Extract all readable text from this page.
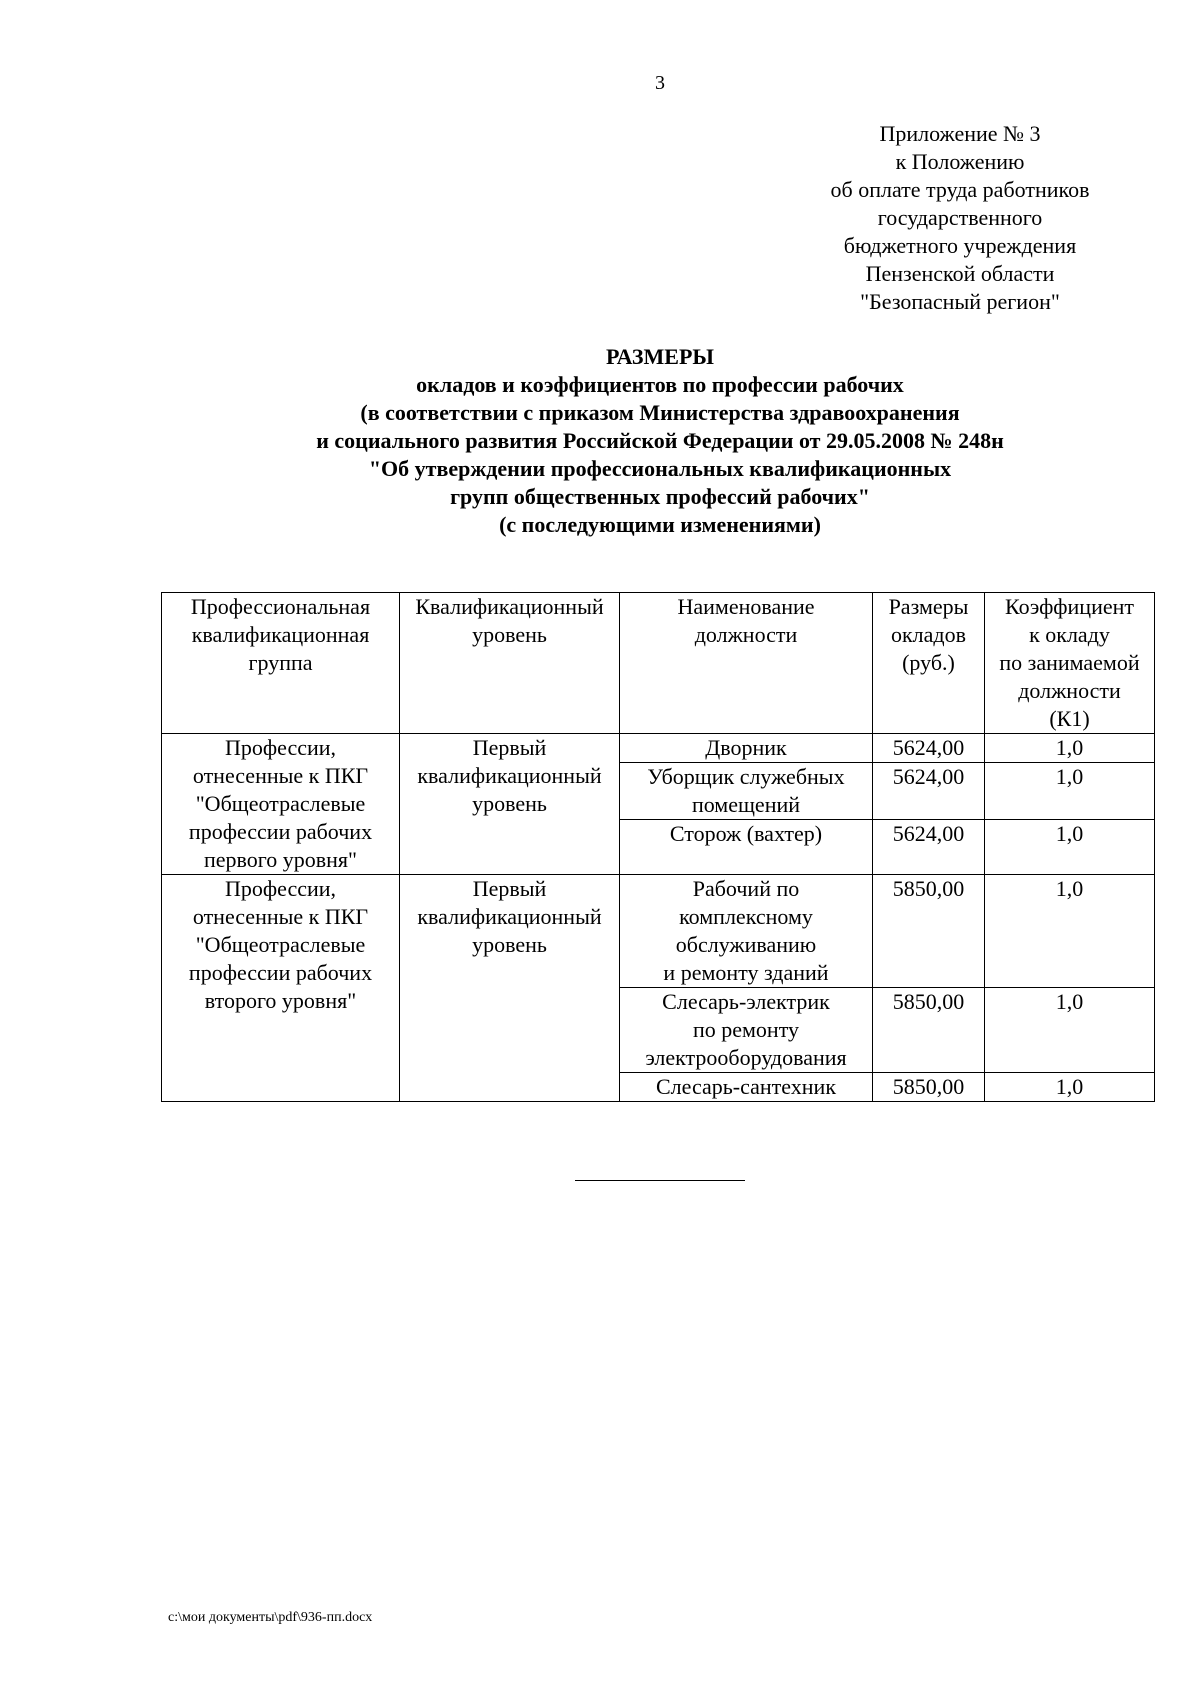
3
Приложение № 3
к Положению
об оплате труда работников
государственного
бюджетного учреждения
Пензенской области
"Безопасный регион"
РАЗМЕРЫ
окладов и коэффициентов по профессии рабочих
(в соответствии с приказом Министерства здравоохранения
и социального развития Российской Федерации от 29.05.2008 № 248н
"Об утверждении профессиональных квалификационных
групп общественных профессий рабочих"
(с последующими изменениями)
Профессиональная
квалификационная
группа	Квалификационный
уровень	Наименование
должности	Размеры
окладов
(руб.)	Коэффициент
к окладу
по занимаемой
должности
(К1)
Профессии,
отнесенные к ПКГ
"Общеотраслевые
профессии рабочих
первого уровня"	Первый
квалификационный
уровень	Дворник	5624,00	1,0
		Уборщик служебных
помещений	5624,00	1,0
		Сторож (вахтер)	5624,00	1,0
Профессии,
отнесенные к ПКГ
"Общеотраслевые
профессии рабочих
второго уровня"	Первый
квалификационный
уровень	Рабочий по
комплексному
обслуживанию
и ремонту зданий	5850,00	1,0
		Слесарь-электрик
по ремонту
электрооборудования	5850,00	1,0
		Слесарь-сантехник	5850,00	1,0
c:\мои документы\pdf\936-пп.docx
